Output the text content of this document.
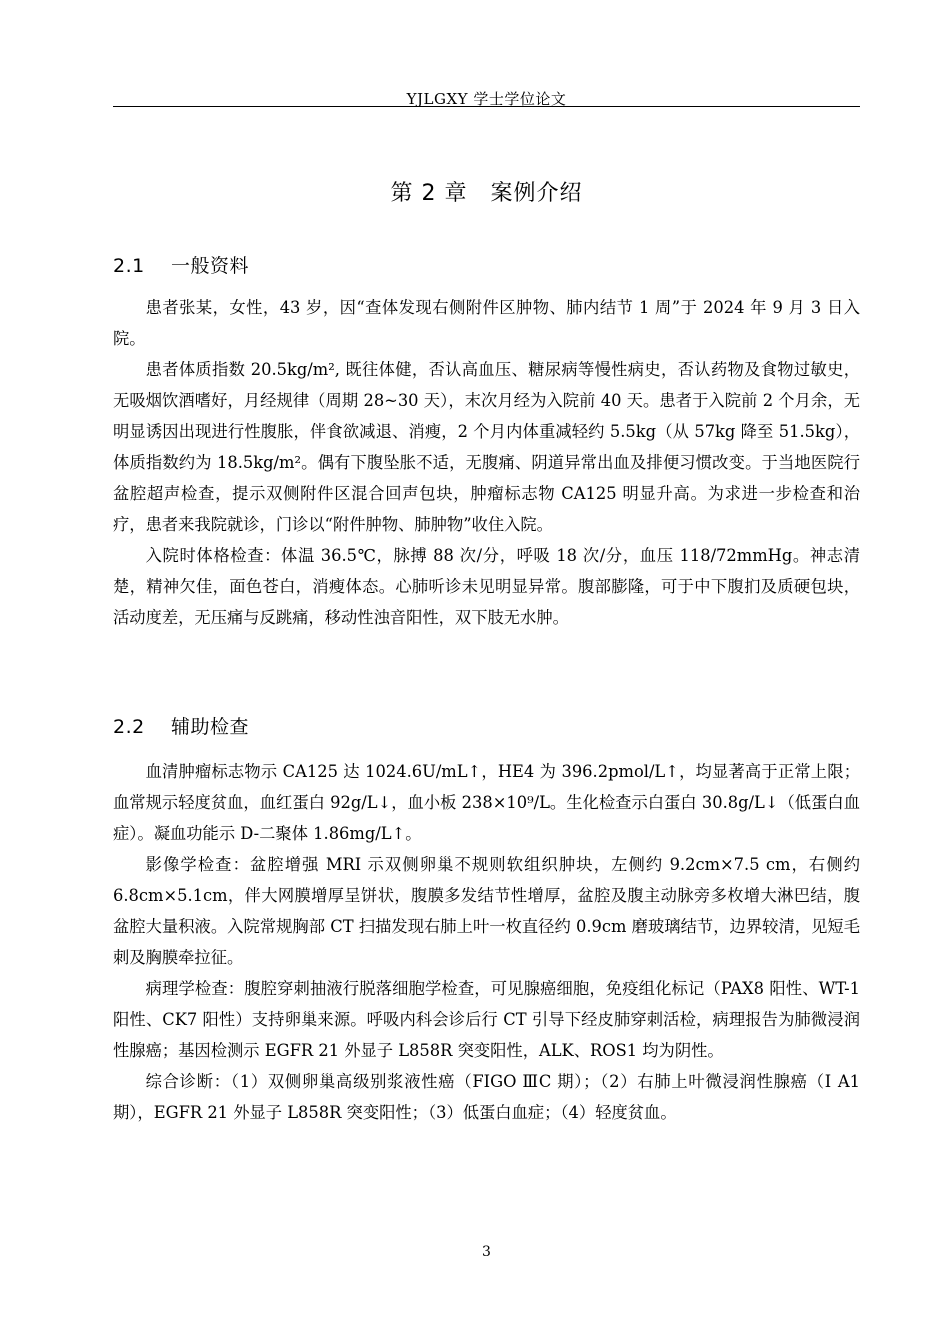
YJLGXY 学士学位论文
第 2 章　案例介绍
2.1 一般资料

患者张某，女性，43 岁，因“查体发现右侧附件区肿物、肺内结节 1 周”于 2024 年 9 月 3 日入院。

患者体质指数 20.5kg/m², 既往体健，否认高血压、糖尿病等慢性病史，否认药物及食物过敏史，无吸烟饮酒嗜好，月经规律（周期 28~30 天），末次月经为入院前 40 天。患者于入院前 2 个月余，无明显诱因出现进行性腹胀，伴食欲减退、消瘦，2 个月内体重减轻约 5.5kg（从 57kg 降至 51.5kg），体质指数约为 18.5kg/m²。偶有下腹坠胀不适，无腹痛、阴道异常出血及排便习惯改变。于当地医院行盆腔超声检查，提示双侧附件区混合回声包块，肿瘤标志物 CA125 明显升高。为求进一步检查和治疗，患者来我院就诊，门诊以“附件肿物、肺肿物”收住入院。

入院时体格检查：体温 36.5℃，脉搏 88 次/分，呼吸 18 次/分，血压 118/72mmHg。神志清楚，精神欠佳，面色苍白，消瘦体态。心肺听诊未见明显异常。腹部膨隆，可于中下腹扪及质硬包块，活动度差，无压痛与反跳痛，移动性浊音阳性，双下肢无水肿。

2.2 辅助检查

血清肿瘤标志物示 CA125 达 1024.6U/mL↑，HE4 为 396.2pmol/L↑，均显著高于正常上限；血常规示轻度贫血，血红蛋白 92g/L↓，血小板 238×10⁹/L。生化检查示白蛋白 30.8g/L↓（低蛋白血症）。凝血功能示 D-二聚体 1.86mg/L↑。

影像学检查：盆腔增强 MRI 示双侧卵巢不规则软组织肿块，左侧约 9.2cm×7.5 cm，右侧约 6.8cm×5.1cm，伴大网膜增厚呈饼状，腹膜多发结节性增厚，盆腔及腹主动脉旁多枚增大淋巴结，腹盆腔大量积液。入院常规胸部 CT 扫描发现右肺上叶一枚直径约 0.9cm 磨玻璃结节，边界较清，见短毛刺及胸膜牵拉征。

病理学检查：腹腔穿刺抽液行脱落细胞学检查，可见腺癌细胞，免疫组化标记（PAX8 阳性、WT-1 阳性、CK7 阳性）支持卵巢来源。呼吸内科会诊后行 CT 引导下经皮肺穿刺活检，病理报告为肺微浸润性腺癌；基因检测示 EGFR 21 外显子 L858R 突变阳性，ALK、ROS1 均为阴性。

综合诊断：（1）双侧卵巢高级别浆液性癌（FIGO ⅢC 期）；（2）右肺上叶微浸润性腺癌（Ⅰ A1 期），EGFR 21 外显子 L858R 突变阳性；（3）低蛋白血症；（4）轻度贫血。

3
